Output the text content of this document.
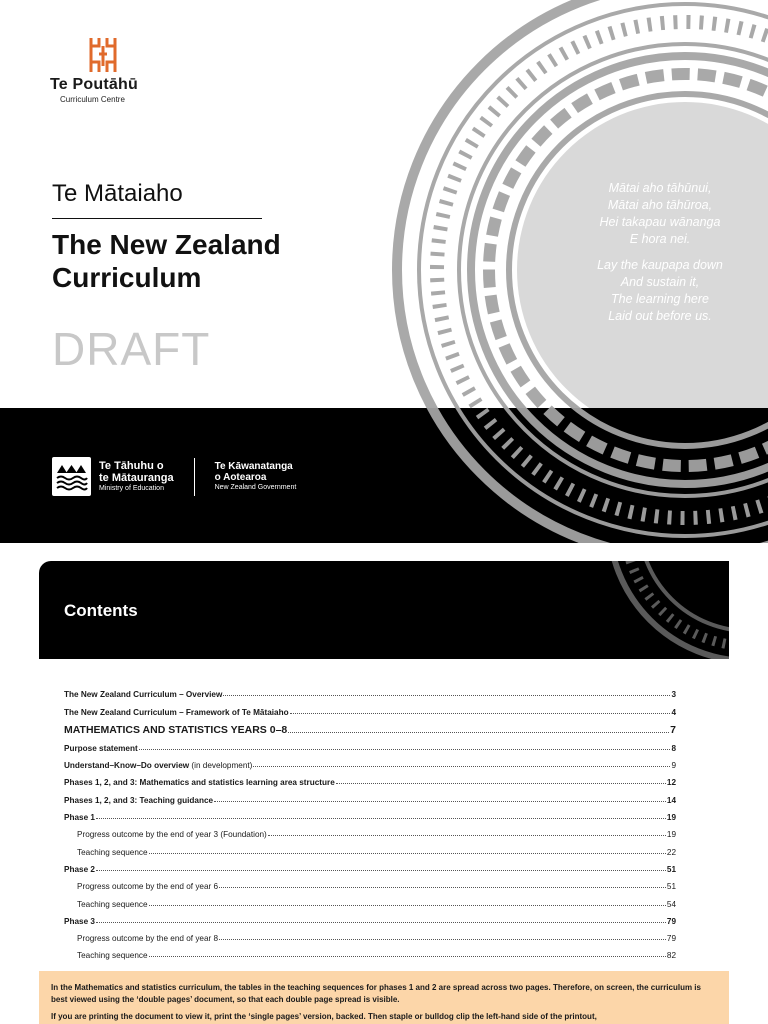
Te Poutāhū
Curriculum Centre
Te Mātaiaho
The New Zealand
Curriculum
DRAFT

Mātai aho tāhūnui,
Mātai aho tāhūroa,
Hei takapau wānanga
E hora nei.

Lay the kaupapa down
And sustain it,
The learning here
Laid out before us.

Te Tāhuhu o
te Mātauranga
Ministry of Education
Te Kāwanatanga
o Aotearoa
New Zealand Government
Contents
The New Zealand Curriculum – Overview	3
The New Zealand Curriculum – Framework of Te Mātaiaho	4
MATHEMATICS AND STATISTICS YEARS 0–8	7
Purpose statement	8
Understand–Know–Do overview (in development)	9
Phases 1, 2, and 3: Mathematics and statistics learning area structure	12
Phases 1, 2, and 3: Teaching guidance	14
Phase 1	19
Progress outcome by the end of year 3 (Foundation)	19
Teaching sequence	22
Phase 2	51
Progress outcome by the end of year 6	51
Teaching sequence	54
Phase 3	79
Progress outcome by the end of year 8	79
Teaching sequence	82

In the Mathematics and statistics curriculum, the tables in the teaching sequences for phases 1 and 2 are spread across two pages. Therefore, on screen, the curriculum is best viewed using the ‘double pages’ document, so that each double page spread is visible.

If you are printing the document to view it, print the ‘single pages’ version, backed. Then staple or bulldog clip the left-hand side of the printout,
